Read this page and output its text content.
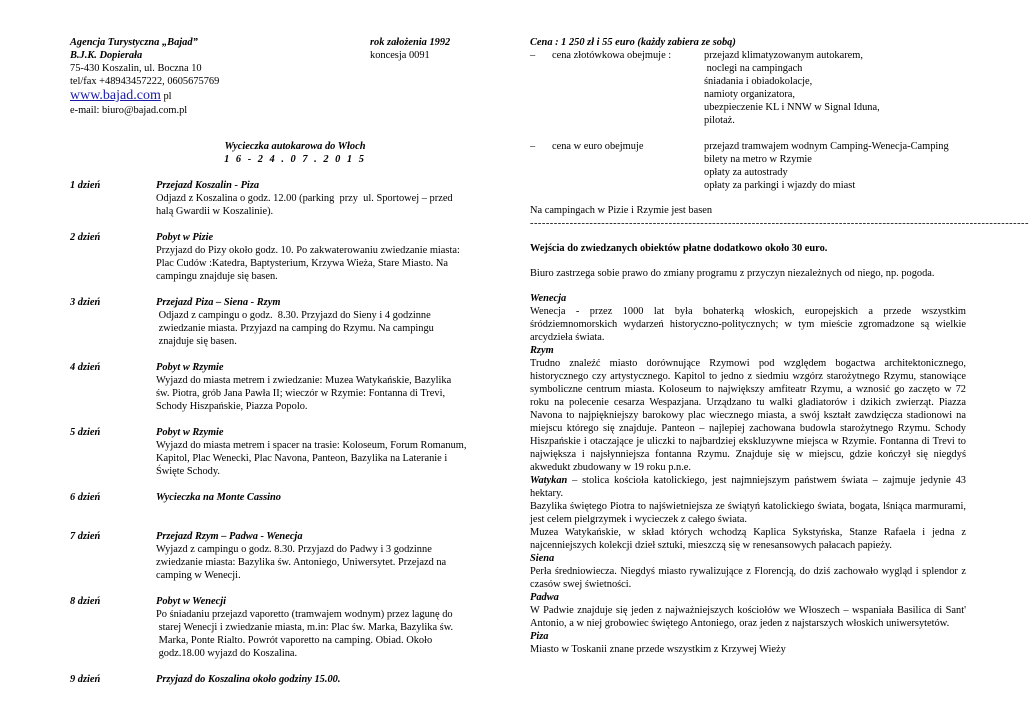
Agencja Turystyczna „Bajad”	rok założenia 1992
B.J.K. Dopierała	koncesja 0091
75-430 Koszalin, ul. Boczna 10
tel/fax +48943457222, 0605675769
www.bajad.com pl
e-mail: biuro@bajad.com.pl
Wycieczka autokarowa do Włoch
1 6 - 2 4 . 0 7 . 2 0 1 5
1 dzień	Przejazd Koszalin - Piza
Odjazd z Koszalina o godz. 12.00 (parking  przy  ul. Sportowej – przed
halą Gwardii w Koszalinie).
2 dzień	Pobyt w Pizie
Przyjazd do Pizy około godz. 10. Po zakwaterowaniu zwiedzanie miasta:
Plac Cudów :Katedra, Baptysterium, Krzywa Wieża, Stare Miasto. Na
campingu znajduje się basen.
3 dzień	Przejazd Piza – Siena - Rzym
Odjazd z campingu o godz.  8.30. Przyjazd do Sieny i 4 godzinne
zwiedzanie miasta. Przyjazd na camping do Rzymu. Na campingu
znajduje się basen.
4 dzień	Pobyt w Rzymie
Wyjazd do miasta metrem i zwiedzanie: Muzea Watykańskie, Bazylika
św. Piotra, grób Jana Pawła II; wieczór w Rzymie: Fontanna di Trevi,
Schody Hiszpańskie, Piazza Popolo.
5 dzień	Pobyt w Rzymie
Wyjazd do miasta metrem i spacer na trasie: Koloseum, Forum Romanum,
Kapitol, Plac Wenecki, Plac Navona, Panteon, Bazylika na Lateranie i
Święte Schody.
6 dzień	Wycieczka na Monte Cassino
7 dzień	Przejazd Rzym – Padwa - Wenecja
Wyjazd z campingu o godz. 8.30. Przyjazd do Padwy i 3 godzinne
zwiedzanie miasta: Bazylika św. Antoniego, Uniwersytet. Przejazd na
camping w Wenecji.
8 dzień	Pobyt w Wenecji
Po śniadaniu przejazd vaporetto (tramwajem wodnym) przez lagunę do
starej Wenecji i zwiedzanie miasta, m.in: Plac św. Marka, Bazylika św.
Marka, Ponte Rialto. Powrót vaporetto na camping. Obiad. Około
godz.18.00 wyjazd do Koszalina.
9 dzień	Przyjazd do Koszalina około godziny 15.00.
Cena : 1 250 zł i 55 euro (każdy zabiera ze sobą)
–	cena złotówkowa obejmuje :	przejazd klimatyzowanym autokarem,
noclegi na campingach
śniadania i obiadokolacje,
namioty organizatora,
ubezpieczenie KL i NNW w Signal Iduna,
pilotaż.
–	cena w euro obejmuje	przejazd tramwajem wodnym Camping-Wenecja-Camping
bilety na metro w Rzymie
opłaty za autostrady
opłaty za parkingi i wjazdy do miast
Na campingach w Pizie i Rzymie jest basen
------------------------------------------------------------------------------------------------------------------------------
Wejścia do zwiedzanych obiektów płatne dodatkowo około 30 euro.
Biuro zastrzega sobie prawo do zmiany programu z przyczyn niezależnych od niego, np. pogoda.
Wenecja
Wenecja - przez 1000 lat była bohaterką włoskich, europejskich a przede wszystkim śródziemnomorskich wydarzeń historyczno-politycznych; w tym mieście zgromadzone są wielkie arcydzieła świata.
Rzym
Trudno znaleźć miasto dorównujące Rzymowi pod względem bogactwa architektonicznego, historycznego czy artystycznego. Kapitol to jedno z siedmiu wzgórz starożytnego Rzymu, stanowiące symboliczne centrum miasta. Koloseum to największy amfiteatr Rzymu, a wznosić go zaczęto w 72 roku na polecenie cesarza Wespazjana. Urządzano tu walki gladiatorów i dzikich zwierząt. Piazza Navona to najpiękniejszy barokowy plac wiecznego miasta, a swój kształt zawdzięcza stadionowi na miejscu którego się znajduje. Panteon – najlepiej zachowana budowla starożytnego Rzymu. Schody Hiszpańskie i otaczające je uliczki to najbardziej ekskluzywne miejsca w Rzymie. Fontanna di Trevi to największa i najsłynniejsza fontanna Rzymu. Znajduje się w miejscu, gdzie kończył się niegdyś akwedukt zbudowany w 19 roku p.n.e.
Watykan – stolica kościoła katolickiego, jest najmniejszym państwem świata – zajmuje jedynie 43 hektary.
Bazylika świętego Piotra to najświetniejsza ze świątyń katolickiego świata, bogata, lśniąca marmurami, jest celem pielgrzymek i wycieczek z całego świata.
Muzea Watykańskie, w skład których wchodzą Kaplica Sykstyńska, Stanze Rafaela i jedna z najcenniejszych kolekcji dzieł sztuki, mieszczą się w renesansowych pałacach papieży.
Siena
Perła średniowiecza. Niegdyś miasto rywalizujące z Florencją, do dziś zachowało wygląd i splendor z czasów swej świetności.
Padwa
W Padwie znajduje się jeden z najważniejszych kościołów we Włoszech – wspaniała Basilica di Sant' Antonio, a w niej grobowiec świętego Antoniego, oraz jeden z najstarszych włoskich uniwersytetów.
Piza
Miasto w Toskanii znane przede wszystkim z Krzywej Wieży
